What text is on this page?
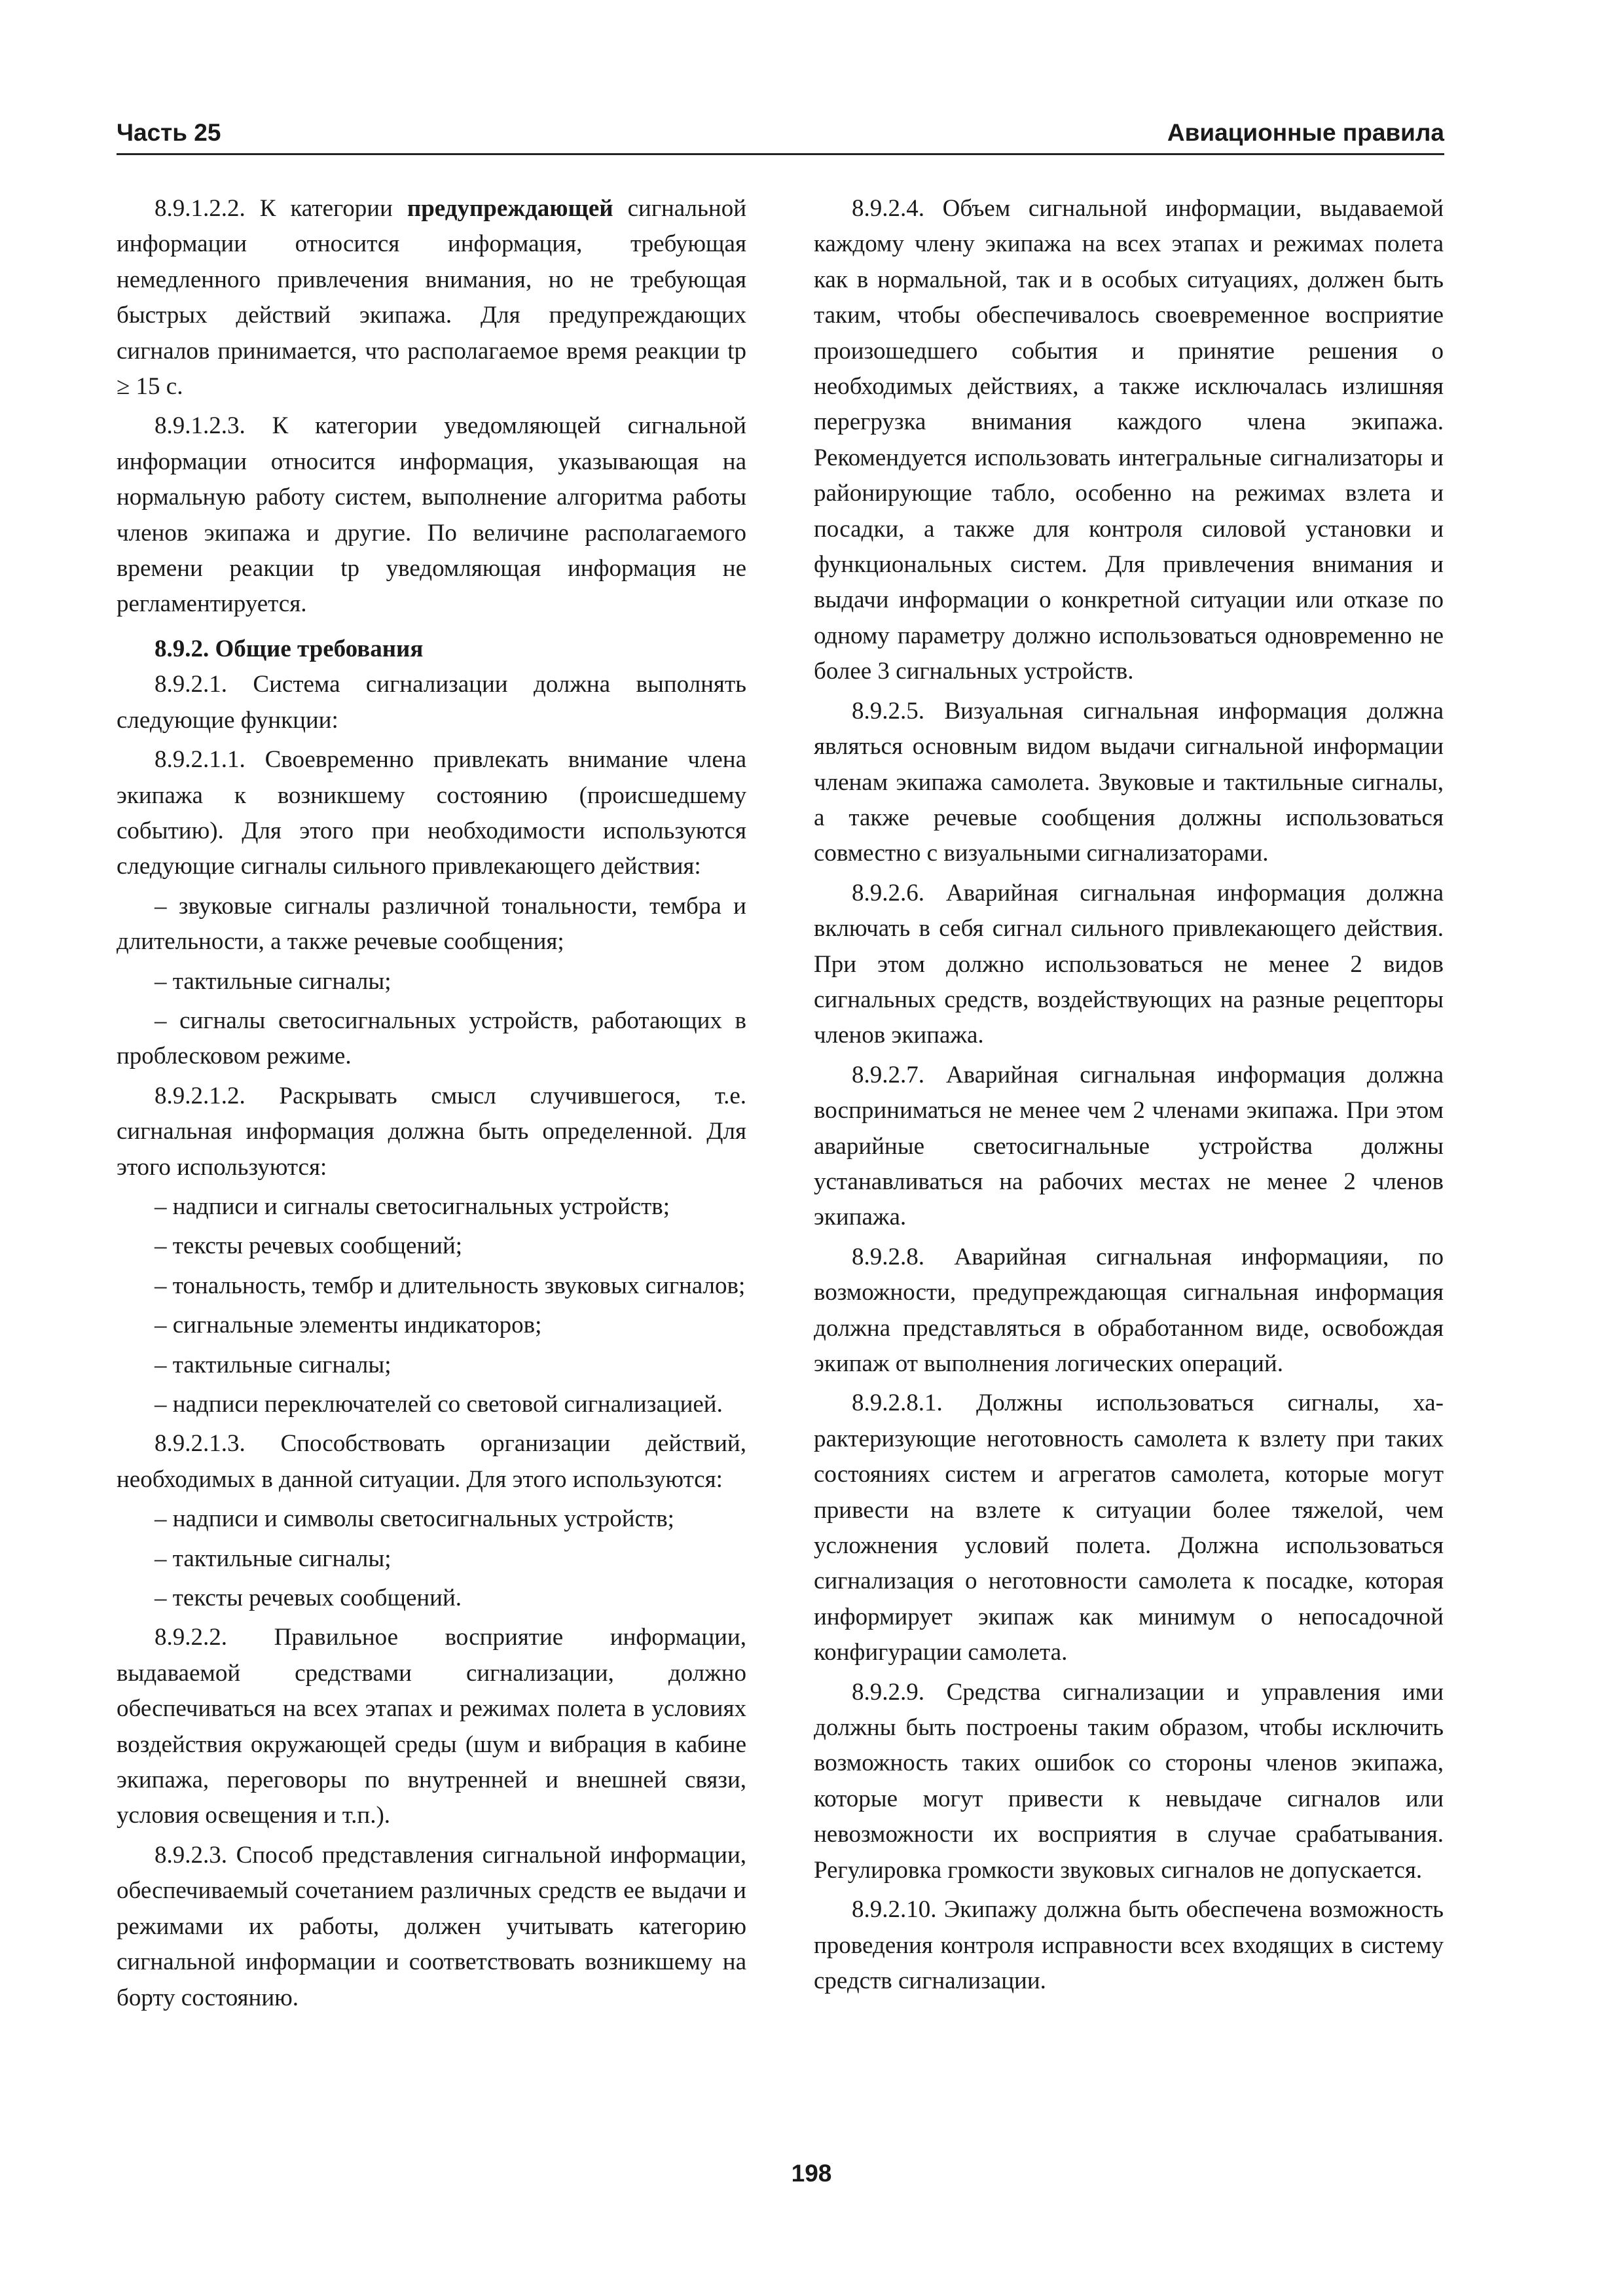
Часть 25	Авиационные правила

8.9.1.2.2. К категории предупреждающей сигнальной информации относится информация, требующая немедленного привлечения внимания, но не требующая быстрых действий экипажа. Для предупреждающих сигналов принимается, что располагаемое время реакции tр ≥ 15 с.

8.9.1.2.3. К категории уведомляющей сигнальной информации относится информация, указывающая на нормальную работу систем, выполнение алгоритма работы членов экипажа и другие. По величине располагаемого времени реакции tр уведомляющая информация не регламентируется.

8.9.2. Общие требования

8.9.2.1. Система сигнализации должна выполнять следующие функции:

8.9.2.1.1. Своевременно привлекать внимание члена экипажа к возникшему состоянию (происшедшему событию). Для этого при необходимости используются следующие сигналы сильного привлекающего действия:

– звуковые сигналы различной тональности, тембра и длительности, а также речевые сообщения;

– тактильные сигналы;

– сигналы светосигнальных устройств, работающих в проблесковом режиме.

8.9.2.1.2. Раскрывать смысл случившегося, т.е. сигнальная информация должна быть определенной. Для этого используются:

– надписи и сигналы светосигнальных устройств;

– тексты речевых сообщений;

– тональность, тембр и длительность звуковых сигналов;

– сигнальные элементы индикаторов;

– тактильные сигналы;

– надписи переключателей со световой сигнализацией.

8.9.2.1.3. Способствовать организации действий, необходимых в данной ситуации. Для этого используются:

– надписи и символы светосигнальных устройств;

– тактильные сигналы;

– тексты речевых сообщений.

8.9.2.2. Правильное восприятие информации, выдаваемой средствами сигнализации, должно обеспечиваться на всех этапах и режимах полета в условиях воздействия окружающей среды (шум и вибрация в кабине экипажа, переговоры по внутренней и внешней связи, условия освещения и т.п.).

8.9.2.3. Способ представления сигнальной информации, обеспечиваемый сочетанием различных средств ее выдачи и режимами их работы, должен учитывать категорию сигнальной информации и соответствовать возникшему на борту состоянию.

8.9.2.4. Объем сигнальной информации, выдаваемой каждому члену экипажа на всех этапах и режимах полета как в нормальной, так и в особых ситуациях, должен быть таким, чтобы обеспечивалось своевременное восприятие произошедшего события и принятие решения о необходимых действиях, а также исключалась излишняя перегрузка внимания каждого члена экипажа. Рекомендуется использовать интегральные сигнализаторы и районирующие табло, особенно на режимах взлета и посадки, а также для контроля силовой установки и функциональных систем. Для привлечения внимания и выдачи информации о конкретной ситуации или отказе по одному параметру должно использоваться одновременно не более 3 сигнальных устройств.

8.9.2.5. Визуальная сигнальная информация должна являться основным видом выдачи сигнальной информации членам экипажа самолета. Звуковые и тактильные сигналы, а также речевые сообщения должны использоваться совместно с визуальными сигнализаторами.

8.9.2.6. Аварийная сигнальная информация должна включать в себя сигнал сильного привлекающего действия. При этом должно использоваться не менее 2 видов сигнальных средств, воздействующих на разные рецепторы членов экипажа.

8.9.2.7. Аварийная сигнальная информация должна восприниматься не менее чем 2 членами экипажа. При этом аварийные светосигнальные устройства должны устанавливаться на рабочих местах не менее 2 членов экипажа.

8.9.2.8. Аварийная сигнальная информацияи, по возможности, предупреждающая сигнальная информация должна представляться в обработанном виде, освобождая экипаж от выполнения логических операций.

8.9.2.8.1. Должны использоваться сигналы, характеризующие неготовность самолета к взлету при таких состояниях систем и агрегатов самолета, которые могут привести на взлете к ситуации более тяжелой, чем усложнения условий полета. Должна использоваться сигнализация о неготовности самолета к посадке, которая информирует экипаж как минимум о непосадочной конфигурации самолета.

8.9.2.9. Средства сигнализации и управления ими должны быть построены таким образом, чтобы исключить возможность таких ошибок со стороны членов экипажа, которые могут привести к невыдаче сигналов или невозможности их восприятия в случае срабатывания. Регулировка громкости звуковых сигналов не допускается.

8.9.2.10. Экипажу должна быть обеспечена возможность проведения контроля исправности всех входящих в систему средств сигнализации.

198
